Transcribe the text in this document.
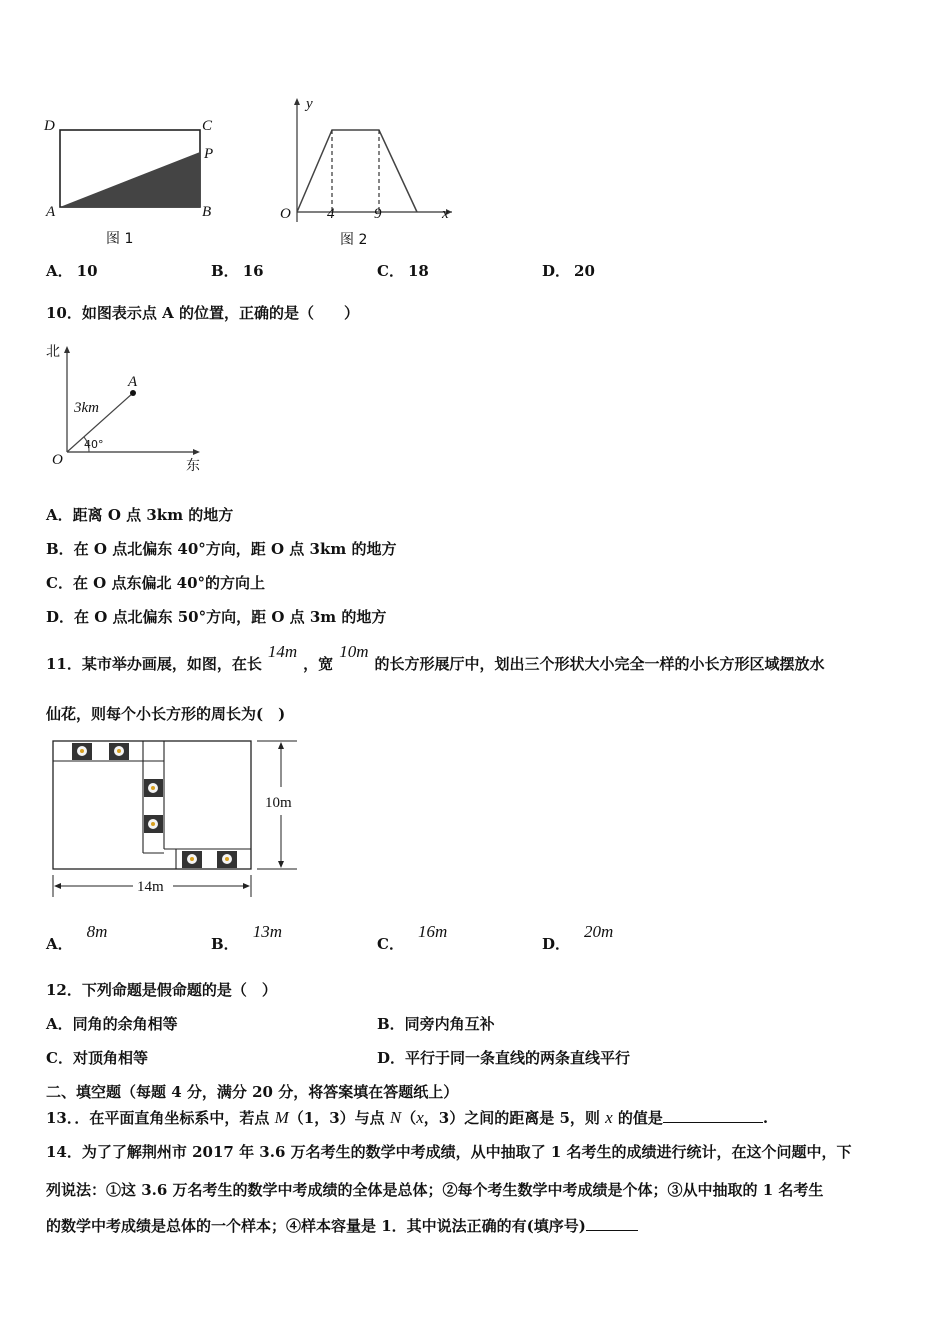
D	C
P
A	B
图 1
y
O 4	9	x
图 2
A． 10	B． 16	C． 18	D． 20
10．如图表示点 A 的位置，正确的是（　　）
北
东
O
A
3km
40°
A．距离 O 点 3km 的地方
B．在 O 点北偏东 40°方向，距 O 点 3km 的地方
C．在 O 点东偏北 40°的方向上
D．在 O 点北偏东 50°方向，距 O 点 3m 的地方
11．某市举办画展，如图，在长14m，宽10m的长方形展厅中，划出三个形状大小完全一样的小长方形区域摆放水
仙花，则每个小长方形的周长为(　)
10m
14m
A．8m
B．13m
C．16m
D．20m
12．下列命题是假命题的是（　）
A．同角的余角相等	B．同旁内角互补
C．对顶角相等	D．平行于同一条直线的两条直线平行
二、填空题（每题 4 分，满分 20 分，将答案填在答题纸上）
13．．在平面直角坐标系中，若点 M（1，3）与点 N（x，3）之间的距离是 5，则 x 的值是	.
14．为了了解荆州市 2017 年 3.6 万名考生的数学中考成绩，从中抽取了 1 名考生的成绩进行统计，在这个问题中，下
列说法：①这 3.6 万名考生的数学中考成绩的全体是总体；②每个考生数学中考成绩是个体；③从中抽取的 1 名考生
的数学中考成绩是总体的一个样本；④样本容量是 1．其中说法正确的有(填序号)
